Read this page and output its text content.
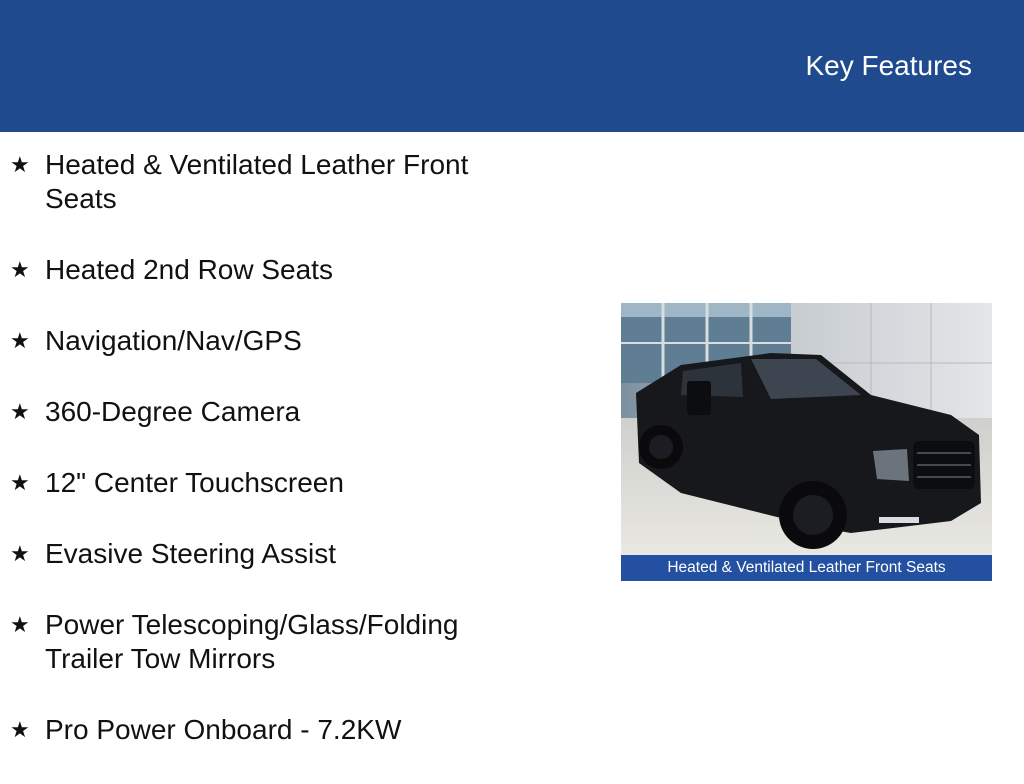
Key Features
★ Heated & Ventilated Leather Front Seats
★ Heated 2nd Row Seats
★ Navigation/Nav/GPS
★ 360-Degree Camera
★ 12" Center Touchscreen
★ Evasive Steering Assist
★ Power Telescoping/Glass/Folding Trailer Tow Mirrors
★ Pro Power Onboard - 7.2KW
Heated & Ventilated Leather Front Seats
